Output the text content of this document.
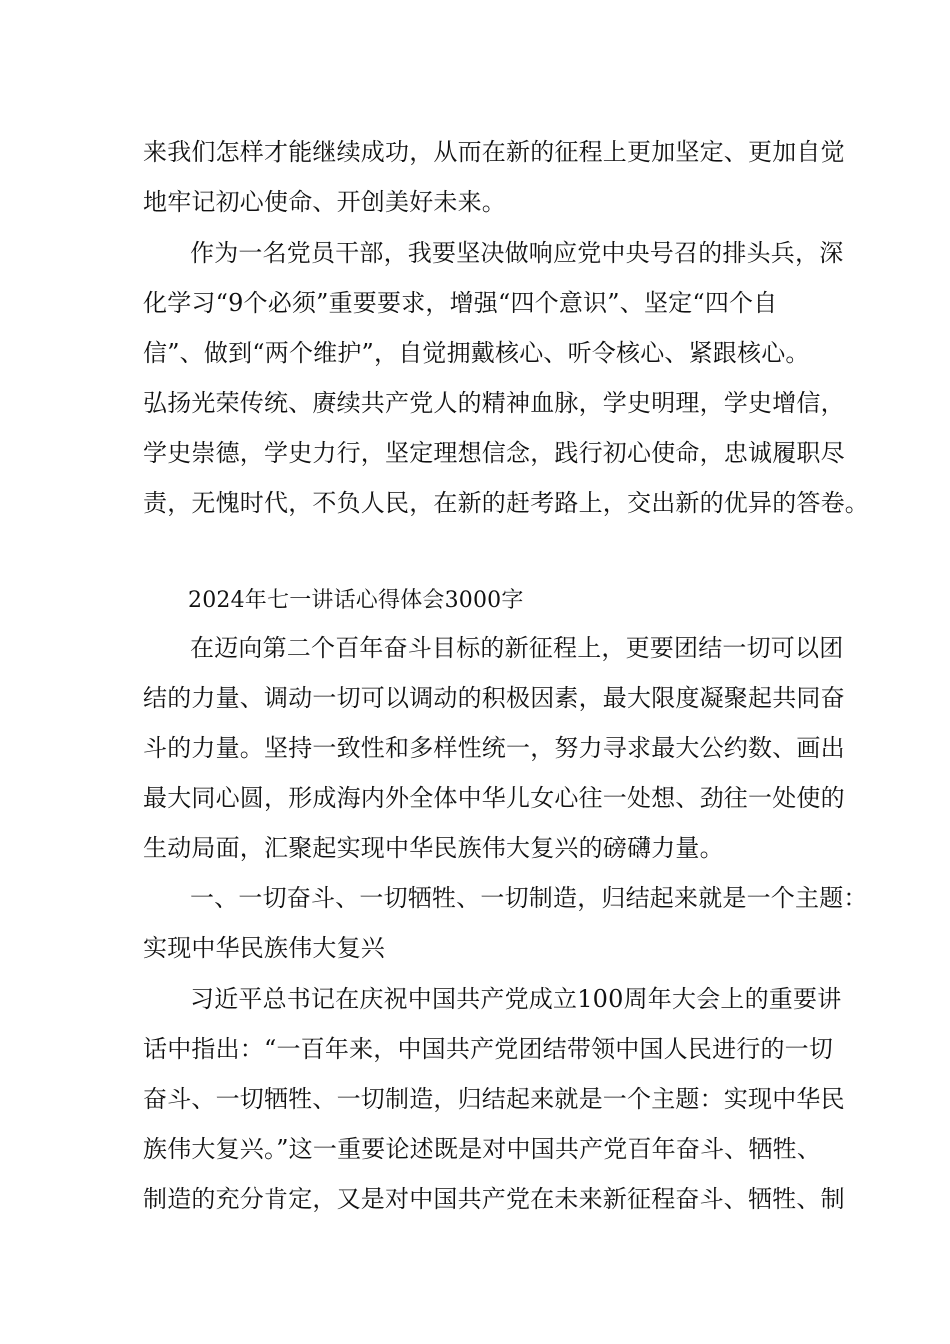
来我们怎样才能继续成功，从而在新的征程上更加坚定、更加自觉
地牢记初心使命、开创美好未来。
作为一名党员干部，我要坚决做响应党中央号召的排头兵，深
化学习“9个必须”重要要求，增强“四个意识”、坚定“四个自
信”、做到“两个维护”，自觉拥戴核心、听令核心、紧跟核心。
弘扬光荣传统、赓续共产党人的精神血脉，学史明理，学史增信，
学史崇德，学史力行，坚定理想信念，践行初心使命，忠诚履职尽
责，无愧时代，不负人民，在新的赶考路上，交出新的优异的答卷。
2024年七一讲话心得体会3000字
在迈向第二个百年奋斗目标的新征程上，更要团结一切可以团
结的力量、调动一切可以调动的积极因素，最大限度凝聚起共同奋
斗的力量。坚持一致性和多样性统一，努力寻求最大公约数、画出
最大同心圆，形成海内外全体中华儿女心往一处想、劲往一处使的
生动局面，汇聚起实现中华民族伟大复兴的磅礴力量。
一、一切奋斗、一切牺牲、一切制造，归结起来就是一个主题：
实现中华民族伟大复兴
习近平总书记在庆祝中国共产党成立100周年大会上的重要讲
话中指出：“一百年来，中国共产党团结带领中国人民进行的一切
奋斗、一切牺牲、一切制造，归结起来就是一个主题：实现中华民
族伟大复兴。”这一重要论述既是对中国共产党百年奋斗、牺牲、
制造的充分肯定，又是对中国共产党在未来新征程奋斗、牺牲、制
